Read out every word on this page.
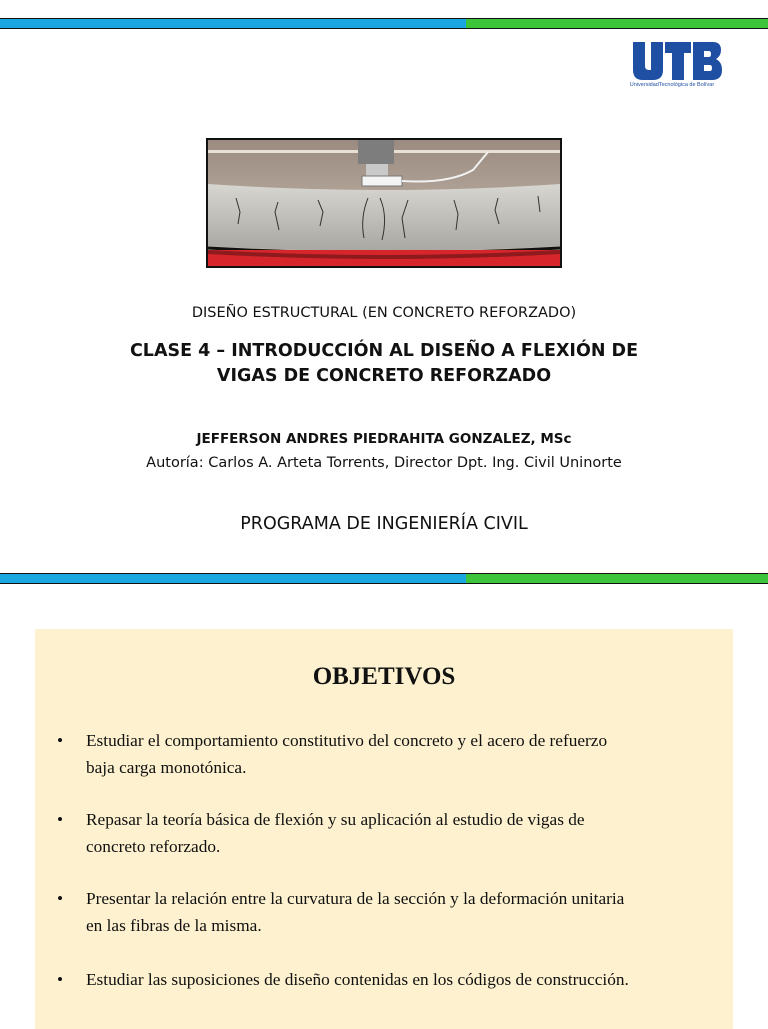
UniversidadTecnológica de Bolívar
DISEÑO ESTRUCTURAL (EN CONCRETO REFORZADO)
CLASE 4 – INTRODUCCIÓN AL DISEÑO A FLEXIÓN DE
VIGAS DE CONCRETO REFORZADO
JEFFERSON ANDRES PIEDRAHITA GONZALEZ, MSc
Autoría: Carlos A. Arteta Torrents, Director Dpt. Ing. Civil Uninorte
PROGRAMA DE INGENIERÍA CIVIL
OBJETIVOS
•	Estudiar el comportamiento constitutivo del concreto y el acero de refuerzo
baja carga monotónica.
•	Repasar la teoría básica de flexión y su aplicación al estudio de vigas de
concreto reforzado.
•	Presentar la relación entre la curvatura de la sección y la deformación unitaria
en las fibras de la misma.
•	Estudiar las suposiciones de diseño contenidas en los códigos de construcción.
